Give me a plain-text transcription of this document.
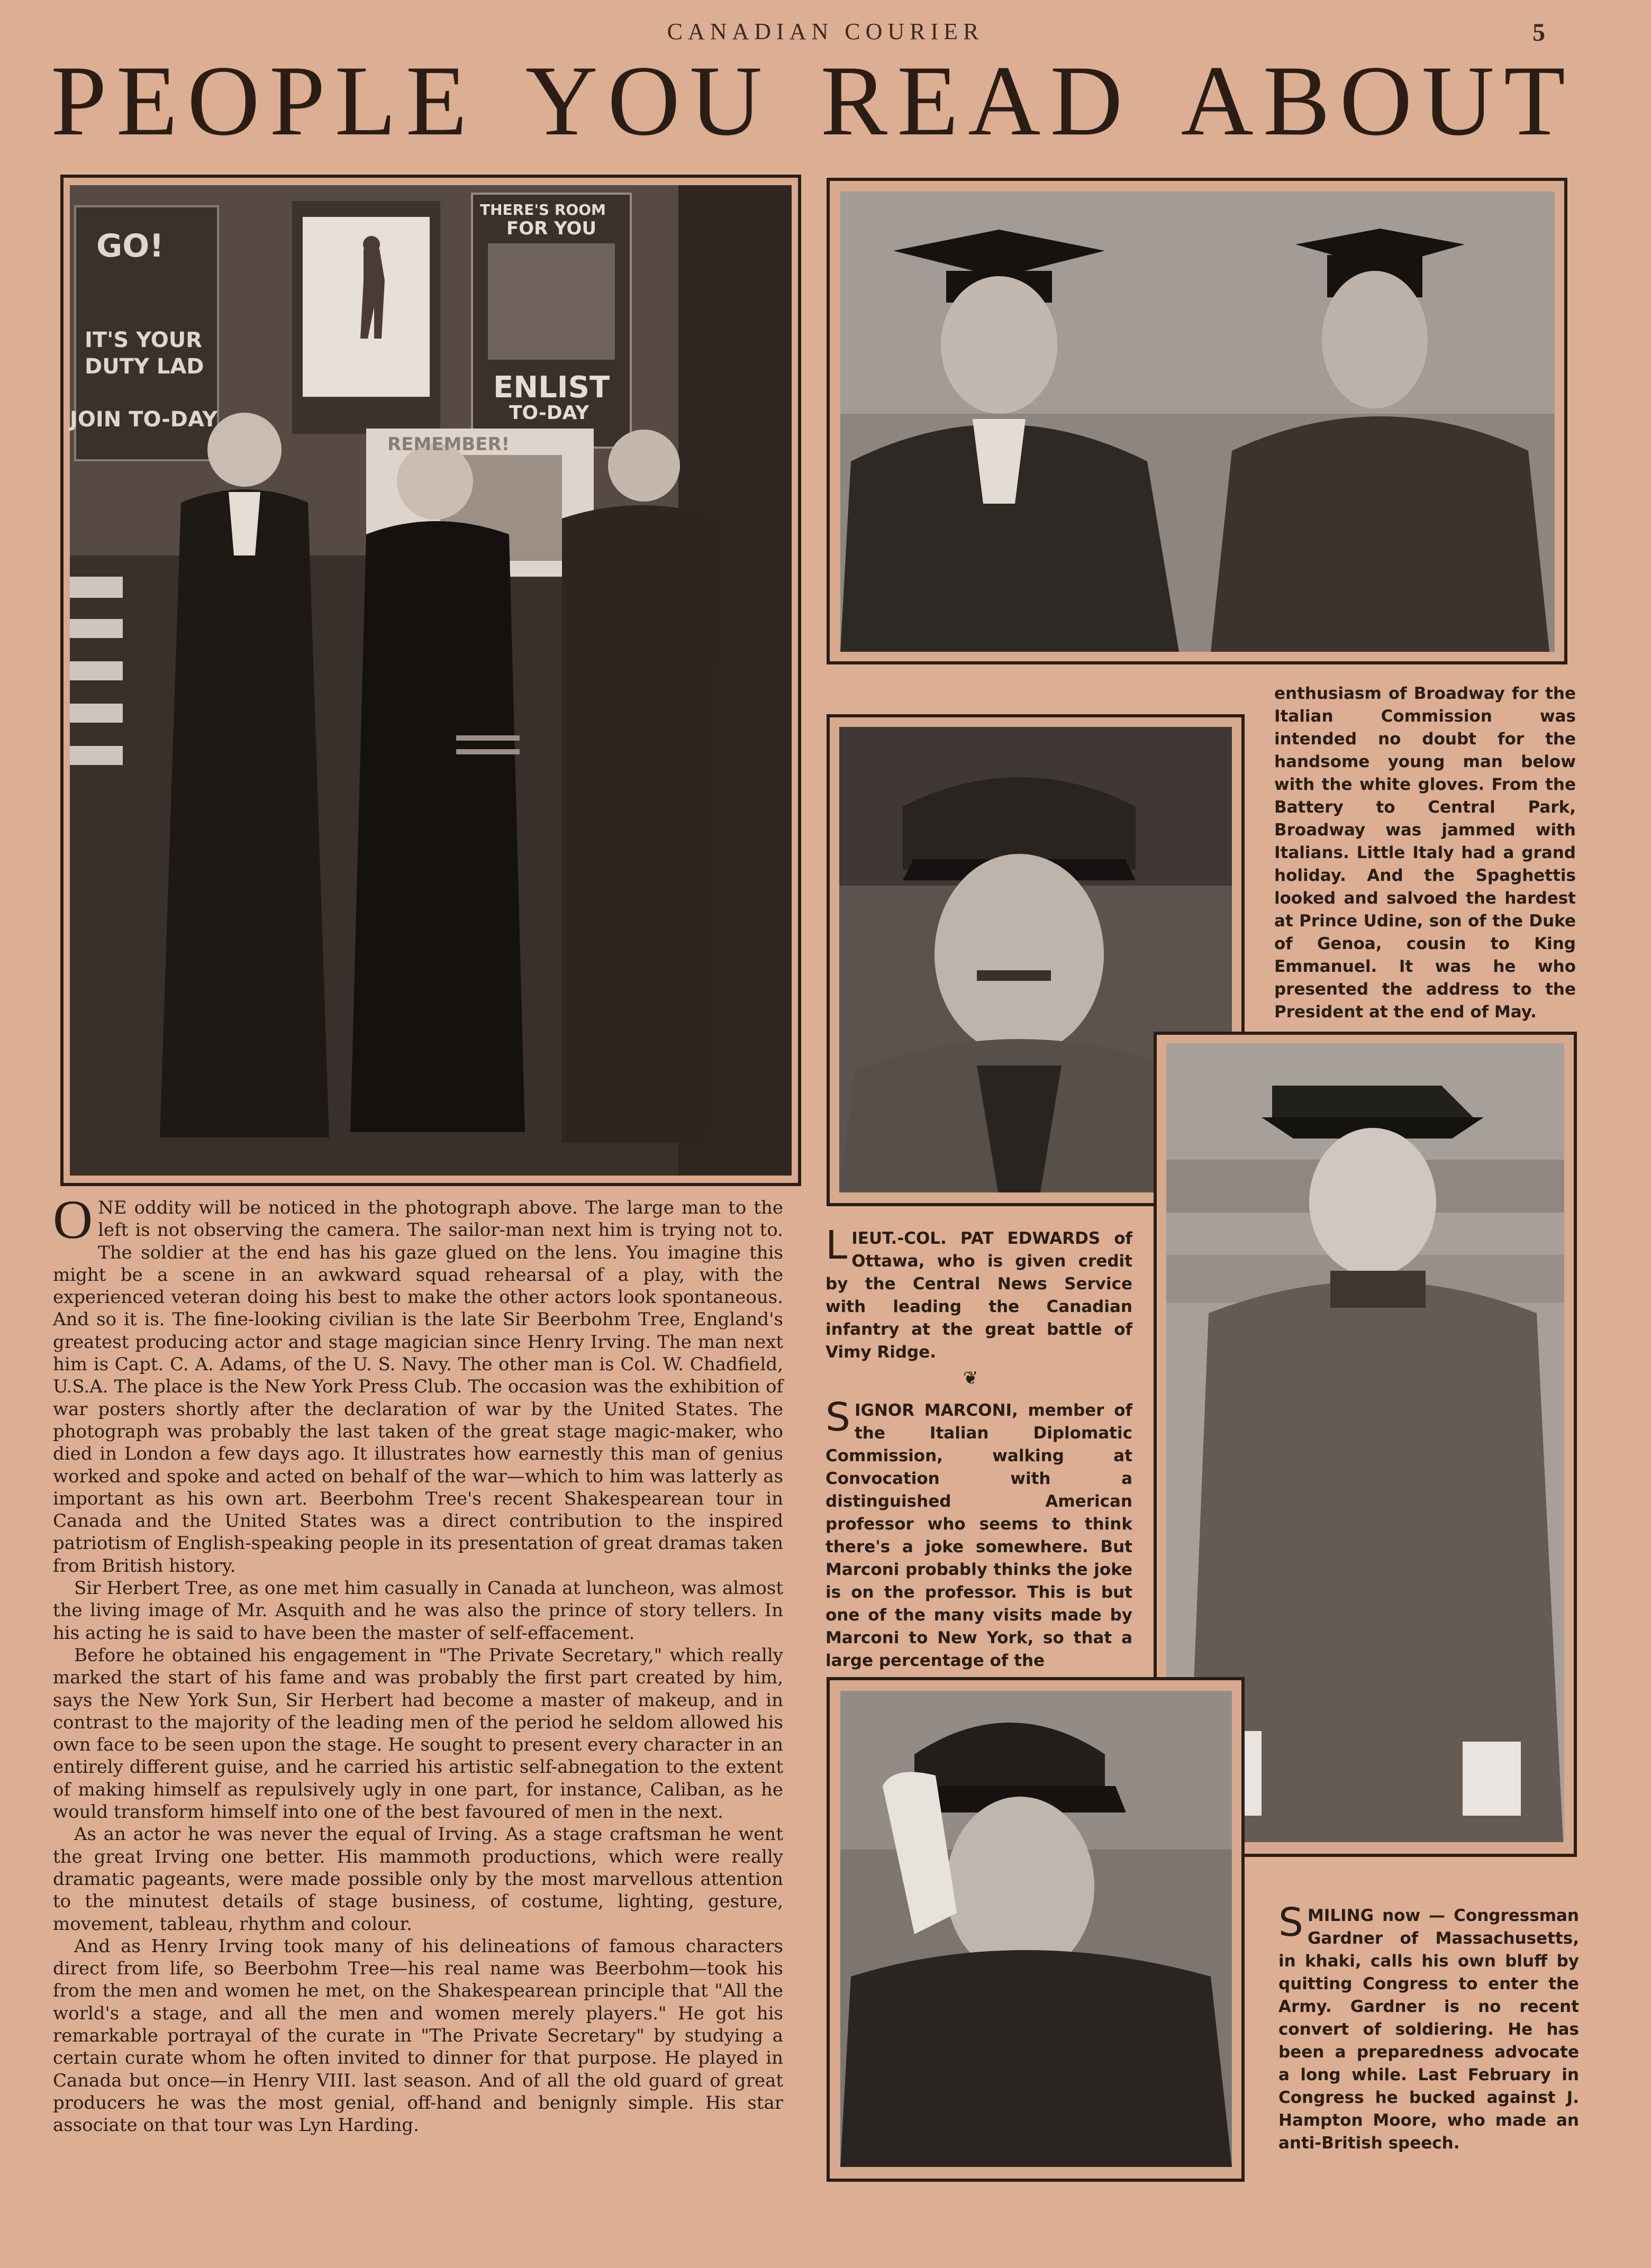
CANADIAN COURIER	5
PEOPLE YOU READ ABOUT
GO!
IT'S YOUR
DUTY LAD
JOIN TO-DAY
THERE'S ROOM
FOR YOU
ENLIST
TO-DAY
REMEMBER!

ONE oddity will be noticed in the photograph above. The large man to the left is not observing the camera. The sailor-man next him is trying not to. The soldier at the end has his gaze glued on the lens. You imagine this might be a scene in an awkward squad rehearsal of a play, with the experienced veteran doing his best to make the other actors look spontaneous. And so it is. The fine-looking civilian is the late Sir Beerbohm Tree, England's greatest producing actor and stage magician since Henry Irving. The man next him is Capt. C. A. Adams, of the U. S. Navy. The other man is Col. W. Chadfield, U.S.A. The place is the New York Press Club. The occasion was the exhibition of war posters shortly after the declaration of war by the United States. The photograph was probably the last taken of the great stage magic-maker, who died in London a few days ago. It illustrates how earnestly this man of genius worked and spoke and acted on behalf of the war—which to him was latterly as important as his own art. Beerbohm Tree's recent Shakespearean tour in Canada and the United States was a direct contribution to the inspired patriotism of English-speaking people in its presentation of great dramas taken from British history.

Sir Herbert Tree, as one met him casually in Canada at luncheon, was almost the living image of Mr. Asquith and he was also the prince of story tellers. In his acting he is said to have been the master of self-effacement.

Before he obtained his engagement in "The Private Secretary," which really marked the start of his fame and was probably the first part created by him, says the New York Sun, Sir Herbert had become a master of makeup, and in contrast to the majority of the leading men of the period he seldom allowed his own face to be seen upon the stage. He sought to present every character in an entirely different guise, and he carried his artistic self-abnegation to the extent of making himself as repulsively ugly in one part, for instance, Caliban, as he would transform himself into one of the best favoured of men in the next.

As an actor he was never the equal of Irving. As a stage craftsman he went the great Irving one better. His mammoth productions, which were really dramatic pageants, were made possible only by the most marvellous attention to the minutest details of stage business, of costume, lighting, gesture, movement, tableau, rhythm and colour.

And as Henry Irving took many of his delineations of famous characters direct from life, so Beerbohm Tree—his real name was Beerbohm—took his from the men and women he met, on the Shakespearean principle that "All the world's a stage, and all the men and women merely players." He got his remarkable portrayal of the curate in "The Private Secretary" by studying a certain curate whom he often invited to dinner for that purpose. He played in Canada but once—in Henry VIII. last season. And of all the old guard of great producers he was the most genial, off-hand and benignly simple. His star associate on that tour was Lyn Harding.

enthusiasm of Broadway for the Italian Commission was intended no doubt for the handsome young man below with the white gloves. From the Battery to Central Park, Broadway was jammed with Italians. Little Italy had a grand holiday. And the Spaghettis looked and salvoed the hardest at Prince Udine, son of the Duke of Genoa, cousin to King Emmanuel. It was he who presented the address to the President at the end of May.
LIEUT.-COL. PAT EDWARDS of Ottawa, who is given credit by the Central News Service with leading the Canadian infantry at the great battle of Vimy Ridge.
❦
SIGNOR MARCONI, member of the Italian Diplomatic Commission, walking at Convocation with a distinguished American professor who seems to think there's a joke somewhere. But Marconi probably thinks the joke is on the professor. This is but one of the many visits made by Marconi to New York, so that a large percentage of the
SMILING now — Congressman Gardner of Massachusetts, in khaki, calls his own bluff by quitting Congress to enter the Army. Gardner is no recent convert of soldiering. He has been a preparedness advocate a long while. Last February in Congress he bucked against J. Hampton Moore, who made an anti-British speech.
